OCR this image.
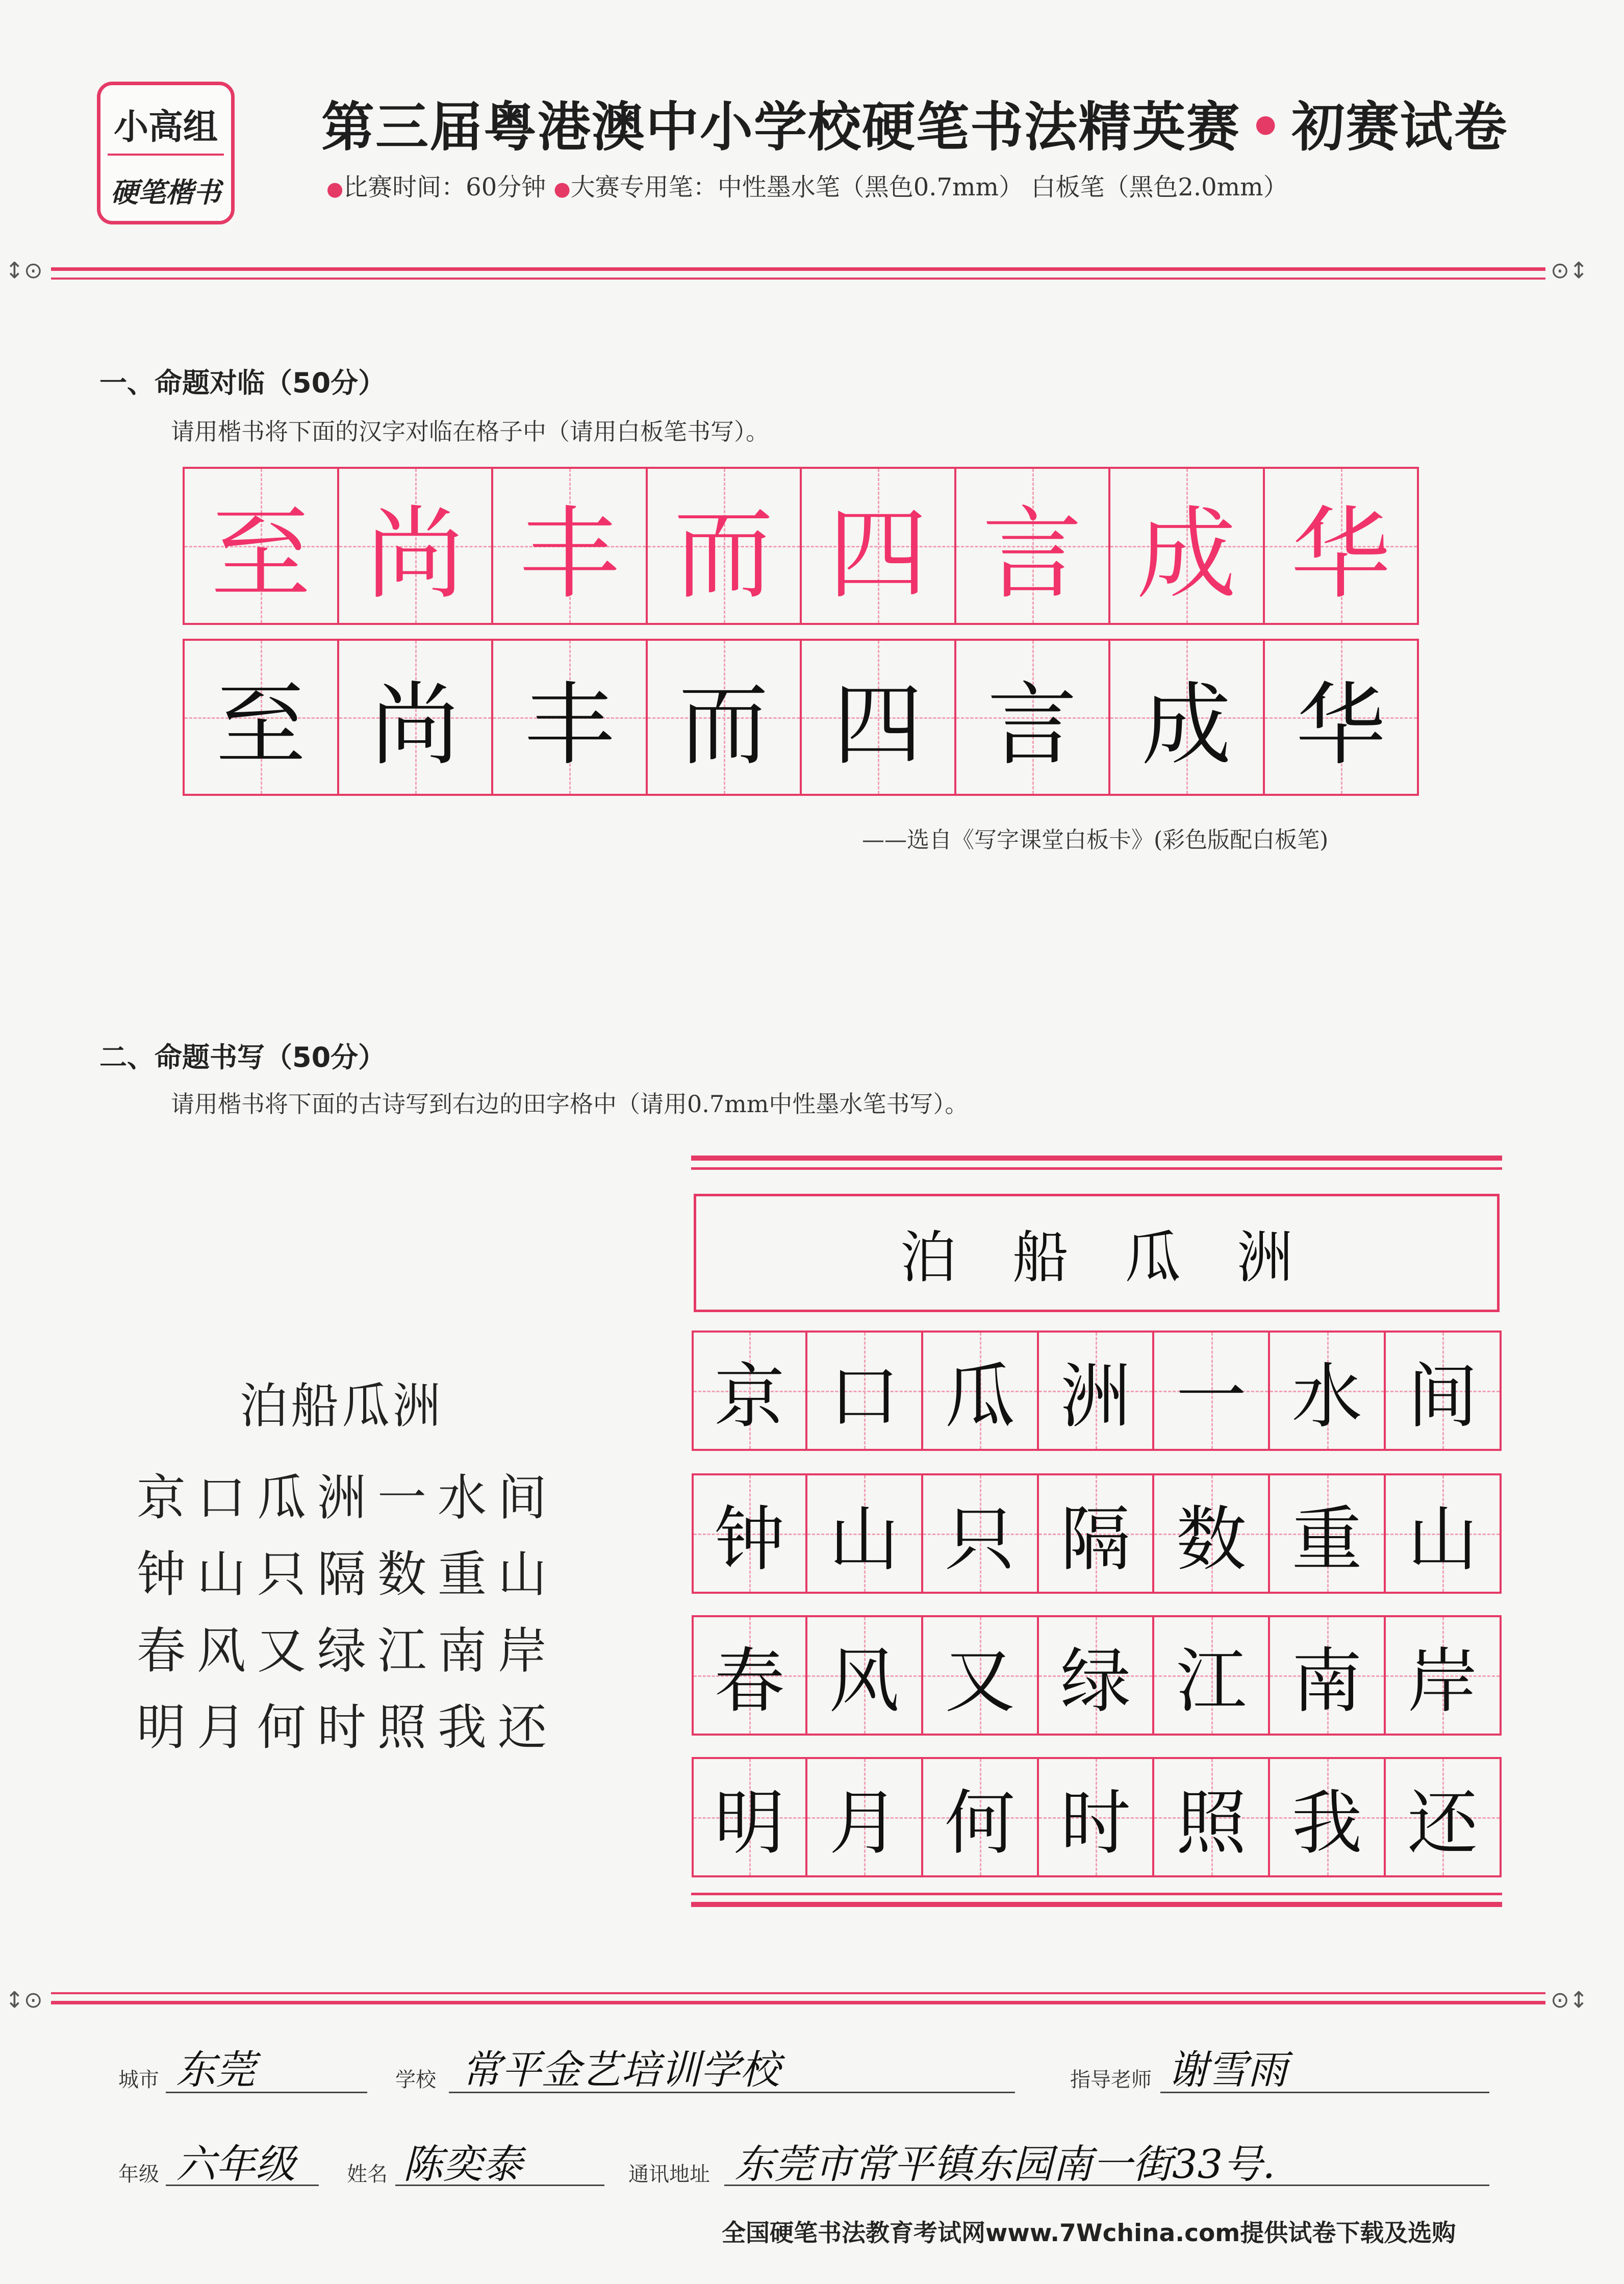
小高组
硬笔楷书
第三届粤港澳中小学校硬笔书法精英赛 • 初赛试卷
●比赛时间：60分钟 ●大赛专用笔：中性墨水笔（黑色0.7mm） 白板笔（黑色2.0mm）
↕⊙	⊙↕
一、命题对临（50分）
请用楷书将下面的汉字对临在格子中（请用白板笔书写）。
至 尚 丰 而 四 言 成 华
至 尚 丰 而 四 言 成 华
——选自《写字课堂白板卡》(彩色版配白板笔)
二、命题书写（50分）
请用楷书将下面的古诗写到右边的田字格中（请用0.7mm中性墨水笔书写）。
泊船瓜洲
京口瓜洲一水间
钟山只隔数重山
春风又绿江南岸
明月何时照我还
泊船瓜洲
京 口 瓜 洲 一 水 间
钟 山 只 隔 数 重 山
春 风 又 绿 江 南 岸
明 月 何 时 照 我 还
↕⊙	⊙↕
城市 东莞	学校 常平金艺培训学校	指导老师 谢雪雨
年级 六年级	姓名 陈奕泰	通讯地址 东莞市常平镇东园南一街33号.
全国硬笔书法教育考试网www.7Wchina.com提供试卷下载及选购
